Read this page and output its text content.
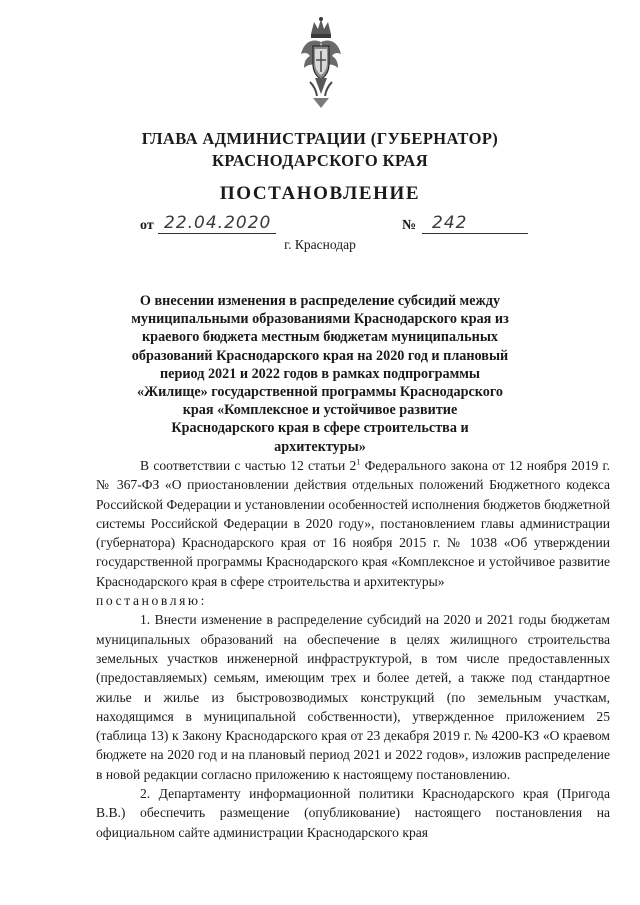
ГЛАВА АДМИНИСТРАЦИИ (ГУБЕРНАТОР)
КРАСНОДАРСКОГО КРАЯ
ПОСТАНОВЛЕНИЕ
от 22.04.2020	№ 242
г. Краснодар
О внесении изменения в распределение субсидий между муниципальными образованиями Краснодарского края из краевого бюджета местным бюджетам муниципальных образований Краснодарского края на 2020 год и плановый период 2021 и 2022 годов в рамках подпрограммы «Жилище» государственной программы Краснодарского края «Комплексное и устойчивое развитие Краснодарского края в сфере строительства и архитектуры»

В соответствии с частью 12 статьи $2^1$ Федерального закона от 12 ноября 2019 г. № 367-ФЗ «О приостановлении действия отдельных положений Бюджетного кодекса Российской Федерации и установлении особенностей исполнения бюджетов бюджетной системы Российской Федерации в 2020 году», постановлением главы администрации (губернатора) Краснодарского края от 16 ноября 2015 г. № 1038 «Об утверждении государственной программы Краснодарского края «Комплексное и устойчивое развитие Краснодарского края в сфере строительства и архитектуры»

постановляю:

1. Внести изменение в распределение субсидий на 2020 и 2021 годы бюджетам муниципальных образований на обеспечение в целях жилищного строительства земельных участков инженерной инфраструктурой, в том числе предоставленных (предоставляемых) семьям, имеющим трех и более детей, а также под стандартное жилье и жилье из быстровозводимых конструкций (по земельным участкам, находящимся в муниципальной собственности), утвержденное приложением 25 (таблица 13) к Закону Краснодарского края от 23 декабря 2019 г. № 4200-КЗ «О краевом бюджете на 2020 год и на плановый период 2021 и 2022 годов», изложив распределение в новой редакции согласно приложению к настоящему постановлению.

2. Департаменту информационной политики Краснодарского края (Пригода В.В.) обеспечить размещение (опубликование) настоящего постановления на официальном сайте администрации Краснодарского края
